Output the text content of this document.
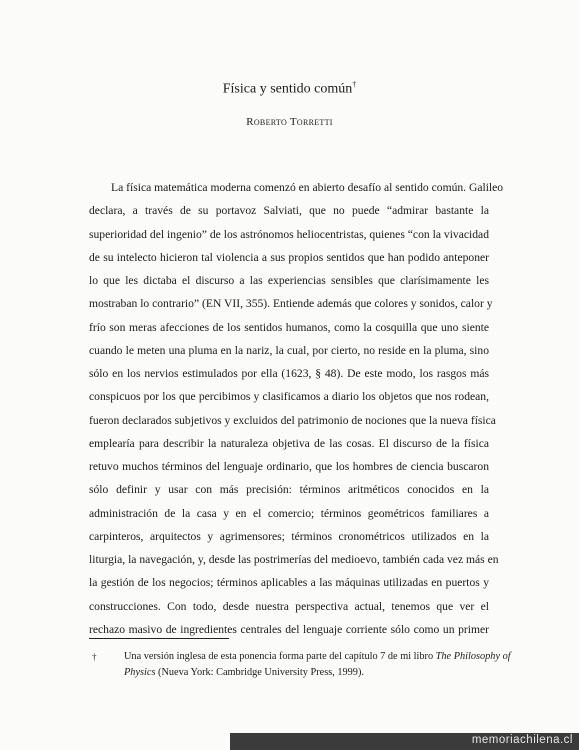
Física y sentido común†
Roberto Torretti
La física matemática moderna comenzó en abierto desafío al sentido común. Galileo
declara, a través de su portavoz Salviati, que no puede “admirar bastante la
superioridad del ingenio” de los astrónomos heliocentristas, quienes “con la vivacidad
de su intelecto hicieron tal violencia a sus propios sentidos que han podido anteponer
lo que les dictaba el discurso a las experiencias sensibles que clarísimamente les
mostraban lo contrario” (EN VII, 355). Entiende además que colores y sonidos, calor y
frío son meras afecciones de los sentidos humanos, como la cosquilla que uno siente
cuando le meten una pluma en la nariz, la cual, por cierto, no reside en la pluma, sino
sólo en los nervios estimulados por ella (1623, § 48). De este modo, los rasgos más
conspicuos por los que percibimos y clasificamos a diario los objetos que nos rodean,
fueron declarados subjetivos y excluidos del patrimonio de nociones que la nueva física
emplearía para describir la naturaleza objetiva de las cosas. El discurso de la física
retuvo muchos términos del lenguaje ordinario, que los hombres de ciencia buscaron
sólo definir y usar con más precisión: términos aritméticos conocidos en la
administración de la casa y en el comercio; términos geométricos familiares a
carpinteros, arquitectos y agrimensores; términos cronométricos utilizados en la
liturgia, la navegación, y, desde las postrimerías del medioevo, también cada vez más en
la gestión de los negocios; términos aplicables a las máquinas utilizadas en puertos y
construcciones. Con todo, desde nuestra perspectiva actual, tenemos que ver el
rechazo masivo de ingredientes centrales del lenguaje corriente sólo como un primer
†	Una versión inglesa de esta ponencia forma parte del capítulo 7 de mi libro The Philosophy of
Physics (Nueva York: Cambridge University Press, 1999).
memoriachilena.cl
